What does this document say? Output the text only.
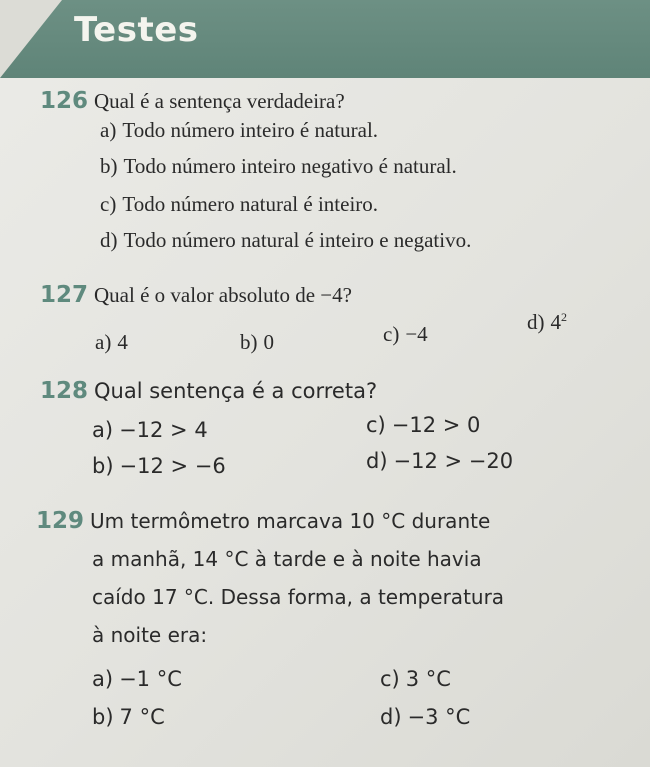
Testes
126 Qual é a sentença verdadeira?
a) Todo número inteiro é natural.
b) Todo número inteiro negativo é natural.
c) Todo número natural é inteiro.
d) Todo número natural é inteiro e negativo.
127 Qual é o valor absoluto de −4?
a) 4	b) 0	c) −4	d) $4^2$
128 Qual sentença é a correta?
a) −12 > 4	c) −12 > 0
b) −12 > −6	d) −12 > −20
129 Um termômetro marcava 10 °C durante
a manhã, 14 °C à tarde e à noite havia
caído 17 °C. Dessa forma, a temperatura
à noite era:
a) −1 °C	c) 3 °C
b) 7 °C	d) −3 °C
